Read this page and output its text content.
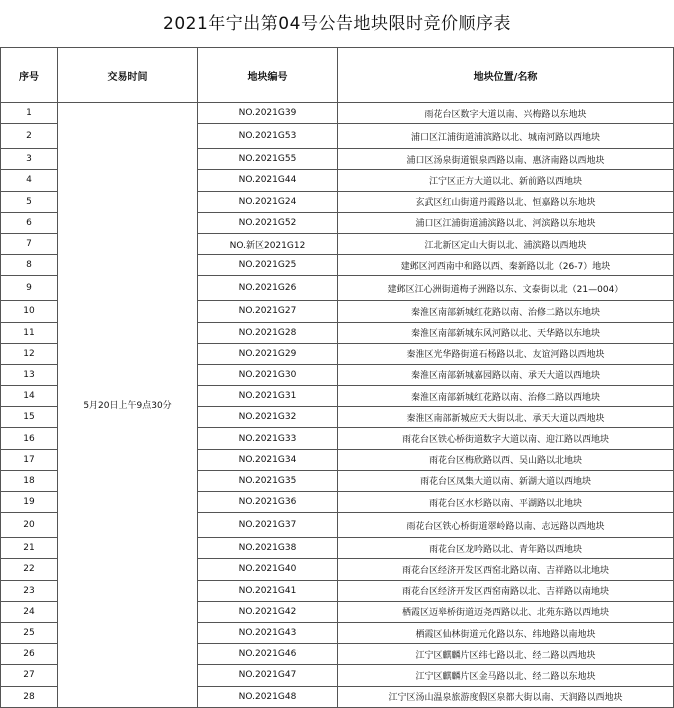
2021年宁出第04号公告地块限时竞价顺序表
序号	交易时间	地块编号	地块位置/名称
1	5月20日上午9点30分	NO.2021G39	雨花台区数字大道以南、兴梅路以东地块
2		NO.2021G53	浦口区江浦街道浦滨路以北、城南河路以西地块
3		NO.2021G55	浦口区汤泉街道银泉西路以南、惠济南路以西地块
4		NO.2021G44	江宁区正方大道以北、新前路以西地块
5		NO.2021G24	玄武区红山街道丹霞路以北、恒嘉路以东地块
6		NO.2021G52	浦口区江浦街道浦滨路以北、河滨路以东地块
7		NO.新区2021G12	江北新区定山大街以北、浦滨路以西地块
8		NO.2021G25	建邺区河西南中和路以西、秦新路以北（26-7）地块
9		NO.2021G26	建邺区江心洲街道梅子洲路以东、文泰街以北（21—004）
10		NO.2021G27	秦淮区南部新城红花路以南、治修二路以东地块
11		NO.2021G28	秦淮区南部新城东风河路以北、天华路以东地块
12		NO.2021G29	秦淮区光华路街道石杨路以北、友谊河路以西地块
13		NO.2021G30	秦淮区南部新城嘉园路以南、承天大道以西地块
14		NO.2021G31	秦淮区南部新城红花路以南、治修二路以西地块
15		NO.2021G32	秦淮区南部新城应天大街以北、承天大道以西地块
16		NO.2021G33	雨花台区铁心桥街道数字大道以南、迎江路以西地块
17		NO.2021G34	雨花台区梅欣路以西、吴山路以北地块
18		NO.2021G35	雨花台区凤集大道以南、新湖大道以西地块
19		NO.2021G36	雨花台区水杉路以南、平湖路以北地块
20		NO.2021G37	雨花台区铁心桥街道翠岭路以南、志远路以西地块
21		NO.2021G38	雨花台区龙吟路以北、青年路以西地块
22		NO.2021G40	雨花台区经济开发区西窑北路以南、吉祥路以北地块
23		NO.2021G41	雨花台区经济开发区西窑南路以北、吉祥路以南地块
24		NO.2021G42	栖霞区迈皋桥街道迈尧西路以北、北苑东路以西地块
25		NO.2021G43	栖霞区仙林街道元化路以东、纬地路以南地块
26		NO.2021G46	江宁区麒麟片区纬七路以北、经二路以西地块
27		NO.2021G47	江宁区麒麟片区金马路以北、经二路以东地块
28		NO.2021G48	江宁区汤山温泉旅游度假区泉都大街以南、天润路以西地块
